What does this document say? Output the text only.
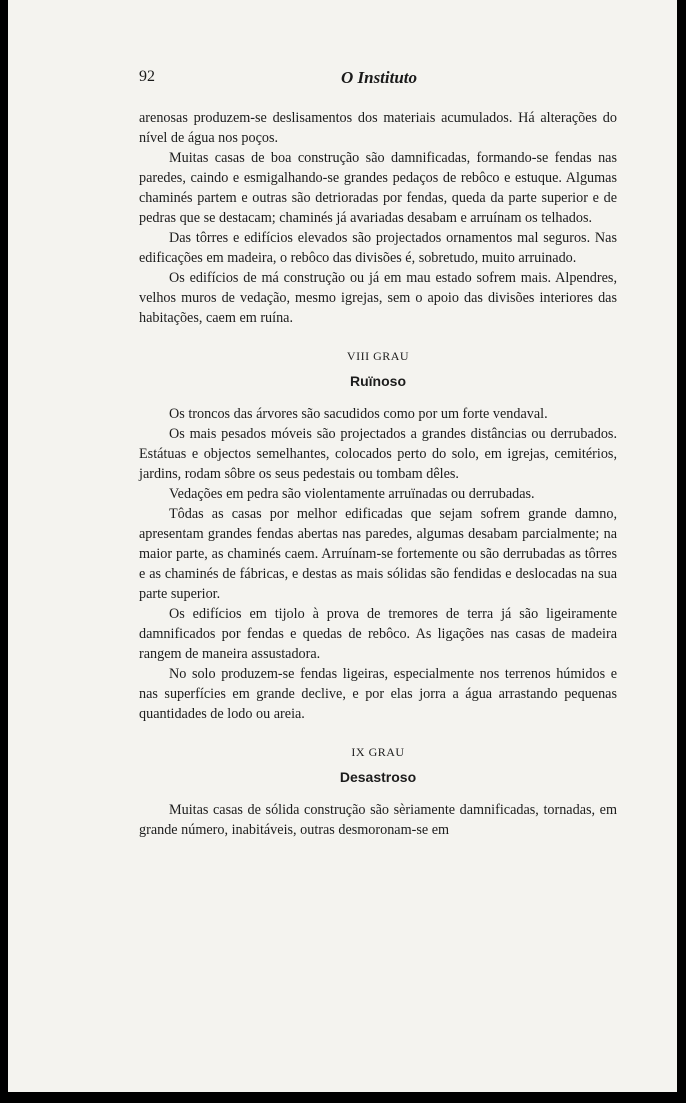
92	O Instituto

arenosas produzem-se deslisamentos dos materiais acumulados. Há alterações do nível de água nos poços.

Muitas casas de boa construção são damnificadas, formando-se fendas nas paredes, caindo e esmigalhando-se grandes pedaços de rebôco e estuque. Algumas chaminés partem e outras são detrioradas por fendas, queda da parte superior e de pedras que se destacam; chaminés já avariadas desabam e arruínam os telhados.

Das tôrres e edifícios elevados são projectados ornamentos mal seguros. Nas edificações em madeira, o rebôco das divisões é, sobretudo, muito arruinado.

Os edifícios de má construção ou já em mau estado sofrem mais. Alpendres, velhos muros de vedação, mesmo igrejas, sem o apoio das divisões interiores das habitações, caem em ruína.

VIII GRAU
Ruïnoso

Os troncos das árvores são sacudidos como por um forte vendaval.

Os mais pesados móveis são projectados a grandes distâncias ou derrubados. Estátuas e objectos semelhantes, colocados perto do solo, em igrejas, cemitérios, jardins, rodam sôbre os seus pedestais ou tombam dêles.

Vedações em pedra são violentamente arruïnadas ou derrubadas.

Tôdas as casas por melhor edificadas que sejam sofrem grande damno, apresentam grandes fendas abertas nas paredes, algumas desabam parcialmente; na maior parte, as chaminés caem. Arruínam-se fortemente ou são derrubadas as tôrres e as chaminés de fábricas, e destas as mais sólidas são fendidas e deslocadas na sua parte superior.

Os edifícios em tijolo à prova de tremores de terra já são ligeiramente damnificados por fendas e quedas de rebôco. As ligações nas casas de madeira rangem de maneira assustadora.

No solo produzem-se fendas ligeiras, especialmente nos terrenos húmidos e nas superfícies em grande declive, e por elas jorra a água arrastando pequenas quantidades de lodo ou areia.

IX GRAU
Desastroso

Muitas casas de sólida construção são sèriamente damnificadas, tornadas, em grande número, inabitáveis, outras desmoronam-se em
